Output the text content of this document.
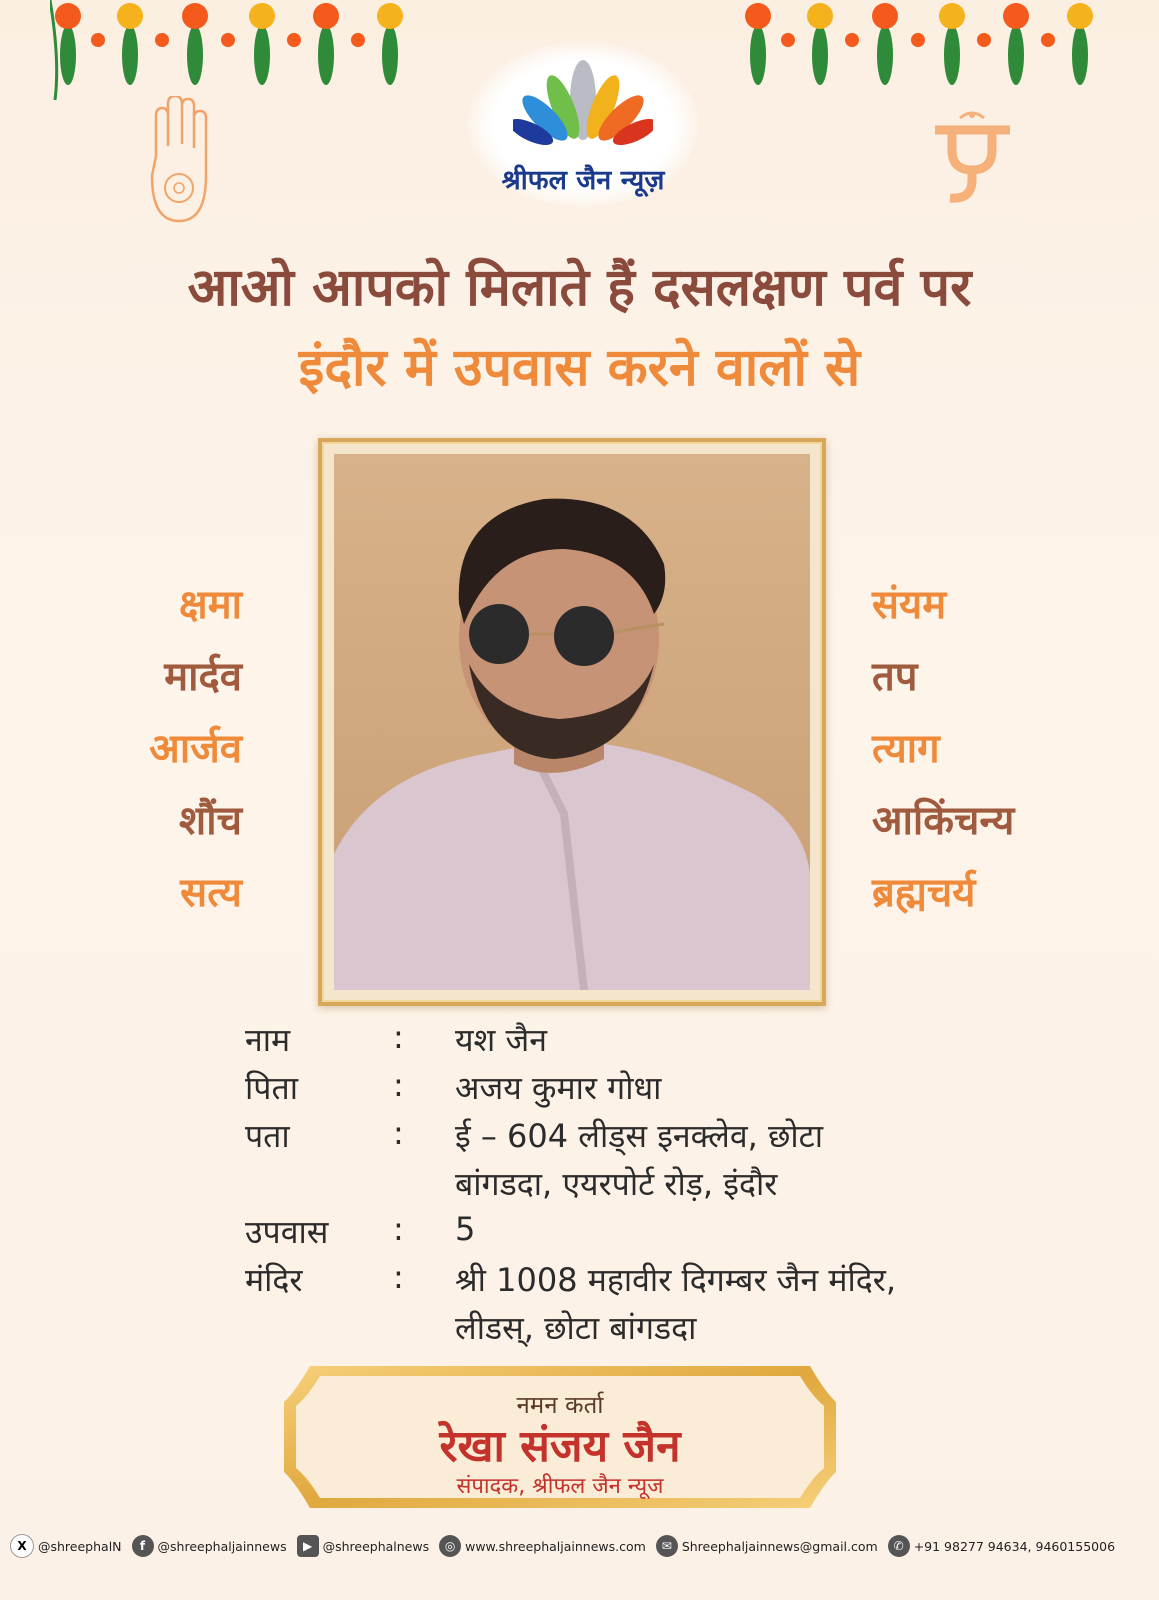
श्रीफल जैन न्यूज़
आओ आपको मिलाते हैं दसलक्षण पर्व पर
इंदौर में उपवास करने वालों से
क्षमा
मार्दव
आर्जव
शौंच
सत्य
संयम
तप
त्याग
आकिंचन्य
ब्रह्मचर्य
नाम	: यश जैन
पिता	: अजय कुमार गोधा
पता	: ई – 604 लीड्स इनक्लेव, छोटा
बांगडदा, एयरपोर्ट रोड़, इंदौर
उपवास : 5
मंदिर	: श्री 1008 महावीर दिगम्बर जैन मंदिर,
लीडस्, छोटा बांगडदा
नमन कर्ता
रेखा संजय जैन
संपादक, श्रीफल जैन न्यूज
X @shreephalN	f @shreephaljainnews	▶ @shreephalnews	◎ www.shreephaljainnews.com	✉ Shreephaljainnews@gmail.com	✆ +91 98277 94634, 9460155006
